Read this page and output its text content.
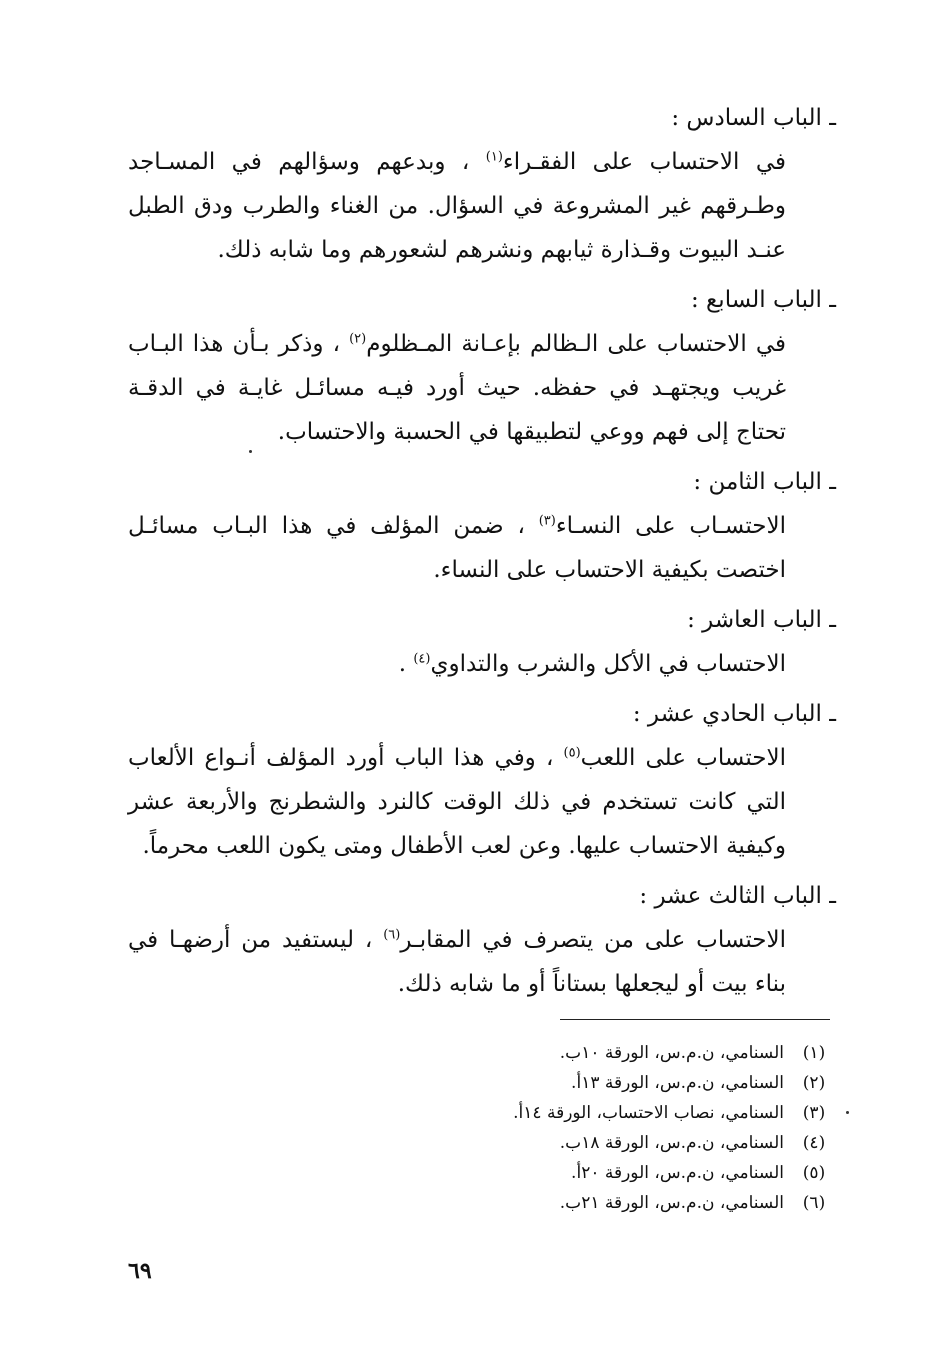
ـ الباب السادس :

في الاحتساب على الفقـراء$^{(١)}$ ، وبدعهم وسؤالهم في المسـاجد وطـرقهم غير المشروعة في السؤال. من الغناء والطرب ودق الطبل عنـد البيوت وقـذارة ثيابهم ونشرهم لشعورهم وما شابه ذلك.

ـ الباب السابع :

في الاحتساب على الـظالم بإعـانة المـظلوم$^{(٢)}$ ، وذكر بـأن هذا البـاب غريب ويجتهـد في حفظه. حيث أورد فيـه مسائـل غايـة في الدقـة تحتاج إلى فهم ووعي لتطبيقها في الحسبة والاحتساب.

ـ الباب الثامن :

الاحتسـاب على النسـاء$^{(٣)}$ ، ضمن المؤلف في هذا البـاب مسائـل اختصت بكيفية الاحتساب على النساء.

ـ الباب العاشر :

الاحتساب في الأكل والشرب والتداوي$^{(٤)}$ .

ـ الباب الحادي عشر :

الاحتساب على اللعب$^{(٥)}$ ، وفي هذا الباب أورد المؤلف أنـواع الألعاب التي كانت تستخدم في ذلك الوقت كالنرد والشطرنج والأربعة عشر وكيفية الاحتساب عليها. وعن لعب الأطفال ومتى يكون اللعب محرماً.

ـ الباب الثالث عشر :

الاحتساب على من يتصرف في المقابـر$^{(٦)}$ ، ليستفيد من أرضهـا في بناء بيت أو ليجعلها بستاناً أو ما شابه ذلك.

(١)
السنامي، ن.م.س، الورقة ١٠ب.
(٢)
السنامي، ن.م.س، الورقة ١٣أ.
(٣)
السنامي، نصاب الاحتساب، الورقة ١٤أ.
(٤)
السنامي، ن.م.س، الورقة ١٨ب.
(٥)
السنامي، ن.م.س، الورقة ٢٠أ.
(٦)
السنامي، ن.م.س، الورقة ٢١ب.
٦٩
